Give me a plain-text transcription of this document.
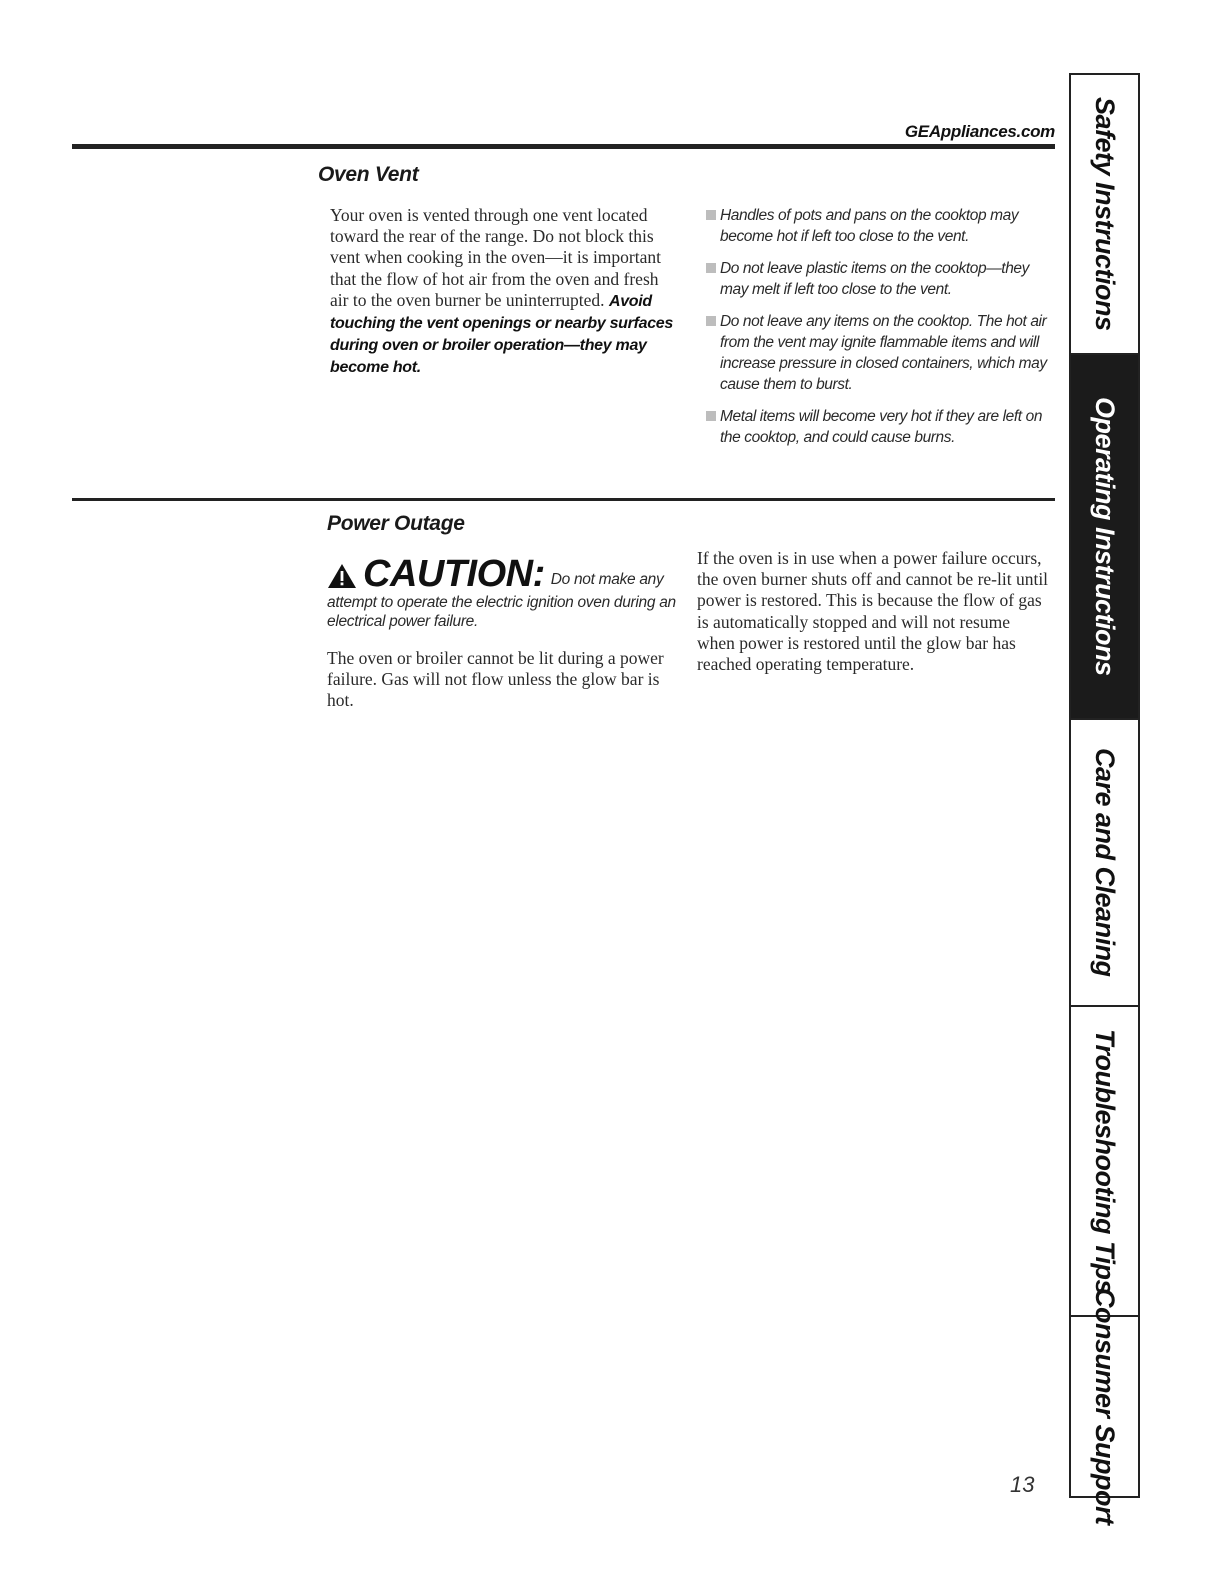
GEAppliances.com
Oven Vent
Your oven is vented through one vent located toward the rear of the range. Do not block this vent when cooking in the oven—it is important that the flow of hot air from the oven and fresh air to the oven burner be uninterrupted. Avoid touching the vent openings or nearby surfaces during oven or broiler operation—they may become hot.
Handles of pots and pans on the cooktop may become hot if left too close to the vent.
Do not leave plastic items on the cooktop—they may melt if left too close to the vent.
Do not leave any items on the cooktop. The hot air from the vent may ignite flammable items and will increase pressure in closed containers, which may cause them to burst.
Metal items will become very hot if they are left on the cooktop, and could cause burns.
Power Outage
CAUTION: Do not make any
attempt to operate the electric ignition oven during an electrical power failure.
The oven or broiler cannot be lit during a power failure. Gas will not flow unless the glow bar is hot.
If the oven is in use when a power failure occurs, the oven burner shuts off and cannot be re-lit until power is restored. This is because the flow of gas is automatically stopped and will not resume when power is restored until the glow bar has reached operating temperature.
13
Safety Instructions
Operating Instructions
Care and Cleaning
Troubleshooting Tips
Consumer Support
